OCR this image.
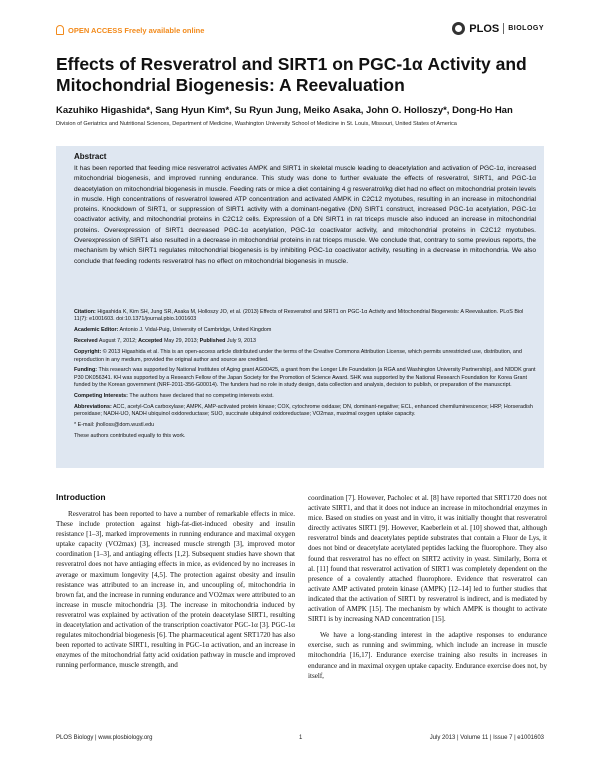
OPEN ACCESS Freely available online	PLOS BIOLOGY
Effects of Resveratrol and SIRT1 on PGC-1α Activity and Mitochondrial Biogenesis: A Reevaluation
Kazuhiko Higashida*, Sang Hyun Kim*, Su Ryun Jung, Meiko Asaka, John O. Holloszy*, Dong-Ho Han
Division of Geriatrics and Nutritional Sciences, Department of Medicine, Washington University School of Medicine in St. Louis, Missouri, United States of America
Abstract
It has been reported that feeding mice resveratrol activates AMPK and SIRT1 in skeletal muscle leading to deacetylation and activation of PGC-1α, increased mitochondrial biogenesis, and improved running endurance. This study was done to further evaluate the effects of resveratrol, SIRT1, and PGC-1α deacetylation on mitochondrial biogenesis in muscle. Feeding rats or mice a diet containing 4 g resveratrol/kg diet had no effect on mitochondrial protein levels in muscle. High concentrations of resveratrol lowered ATP concentration and activated AMPK in C2C12 myotubes, resulting in an increase in mitochondrial proteins. Knockdown of SIRT1, or suppression of SIRT1 activity with a dominant-negative (DN) SIRT1 construct, increased PGC-1α acetylation, PGC-1α coactivator activity, and mitochondrial proteins in C2C12 cells. Expression of a DN SIRT1 in rat triceps muscle also induced an increase in mitochondrial proteins. Overexpression of SIRT1 decreased PGC-1α acetylation, PGC-1α coactivator activity, and mitochondrial proteins in C2C12 myotubes. Overexpression of SIRT1 also resulted in a decrease in mitochondrial proteins in rat triceps muscle. We conclude that, contrary to some previous reports, the mechanism by which SIRT1 regulates mitochondrial biogenesis is by inhibiting PGC-1α coactivator activity, resulting in a decrease in mitochondria. We also conclude that feeding rodents resveratrol has no effect on mitochondrial biogenesis in muscle.

Citation: Higashida K, Kim SH, Jung SR, Asaka M, Holloszy JO, et al. (2013) Effects of Resveratrol and SIRT1 on PGC-1α Activity and Mitochondrial Biogenesis: A Reevaluation. PLoS Biol 11(7): e1001603. doi:10.1371/journal.pbio.1001603

Academic Editor: Antonio J. Vidal-Puig, University of Cambridge, United Kingdom

Received August 7, 2012; Accepted May 29, 2013; Published July 9, 2013

Copyright: © 2013 Higashida et al. This is an open-access article distributed under the terms of the Creative Commons Attribution License, which permits unrestricted use, distribution, and reproduction in any medium, provided the original author and source are credited.

Funding: This research was supported by National Institutes of Aging grant AG00425, a grant from the Longer Life Foundation (a RGA and Washington University Partnership), and NIDDK grant P30 DK056341. KH was supported by a Research Fellow of the Japan Society for the Promotion of Science Award. SHK was supported by the National Research Foundation for Korea Grant funded by the Korean government (NRF-2011-356-G00014). The funders had no role in study design, data collection and analysis, decision to publish, or preparation of the manuscript.

Competing Interests: The authors have declared that no competing interests exist.

Abbreviations: ACC, acetyl-CoA carboxylase; AMPK, AMP-activated protein kinase; COX, cytochrome oxidase; DN, dominant-negative; ECL, enhanced chemiluminescence; HRP, Horseradish peroxidase; NADH-UO, NADH ubiquinol oxidoreductase; SUO, succinate ubiquinol oxidoreductase; VO2max, maximal oxygen uptake capacity.

* E-mail: jholloss@dom.wustl.edu

These authors contributed equally to this work.

Introduction

Resveratrol has been reported to have a number of remarkable effects in mice. These include protection against high-fat-diet-induced obesity and insulin resistance [1–3], marked improvements in running endurance and maximal oxygen uptake capacity (VO2max) [3], increased muscle strength [3], improved motor coordination [1–3], and antiaging effects [1,2]. Subsequent studies have shown that resveratrol does not have antiaging effects in mice, as evidenced by no increases in average or maximum longevity [4,5]. The protection against obesity and insulin resistance was attributed to an increase in, and uncoupling of, mitochondria in brown fat, and the increase in running endurance and VO2max were attributed to an increase in muscle mitochondria [3]. The increase in mitochondria induced by resveratrol was explained by activation of the protein deacetylase SIRT1, resulting in deacetylation and activation of the transcription coactivator PGC-1α [3]. PGC-1α regulates mitochondrial biogenesis [6]. The pharmaceutical agent SRT1720 has also been reported to activate SIRT1, resulting in PGC-1α activation, and an increase in enzymes of the mitochondrial fatty acid oxidation pathway in muscle and improved running performance, muscle strength, and

coordination [7]. However, Pacholec et al. [8] have reported that SRT1720 does not activate SIRT1, and that it does not induce an increase in mitochondrial enzymes in mice. Based on studies on yeast and in vitro, it was initially thought that resveratrol directly activates SIRT1 [9]. However, Kaeberlein et al. [10] showed that, although resveratrol binds and deacetylates peptide substrates that contain a Fluor de Lys, it does not bind or deacetylate acetylated peptides lacking the fluorophore. They also found that resveratrol has no effect on SIRT2 activity in yeast. Similarly, Borra et al. [11] found that resveratrol activation of SIRT1 was completely dependent on the presence of a covalently attached fluorophore. Evidence that resveratrol can activate AMP activated protein kinase (AMPK) [12–14] led to further studies that indicated that the activation of SIRT1 by resveratrol is indirect, and is mediated by activation of AMPK [15]. The mechanism by which AMPK is thought to activate SIRT1 is by increasing NAD concentration [15].

We have a long-standing interest in the adaptive responses to endurance exercise, such as running and swimming, which include an increase in muscle mitochondria [16,17]. Endurance exercise training also results in increases in endurance and in maximal oxygen uptake capacity. Endurance exercise does not, by itself,

PLOS Biology | www.plosbiology.org	1	July 2013 | Volume 11 | Issue 7 | e1001603
